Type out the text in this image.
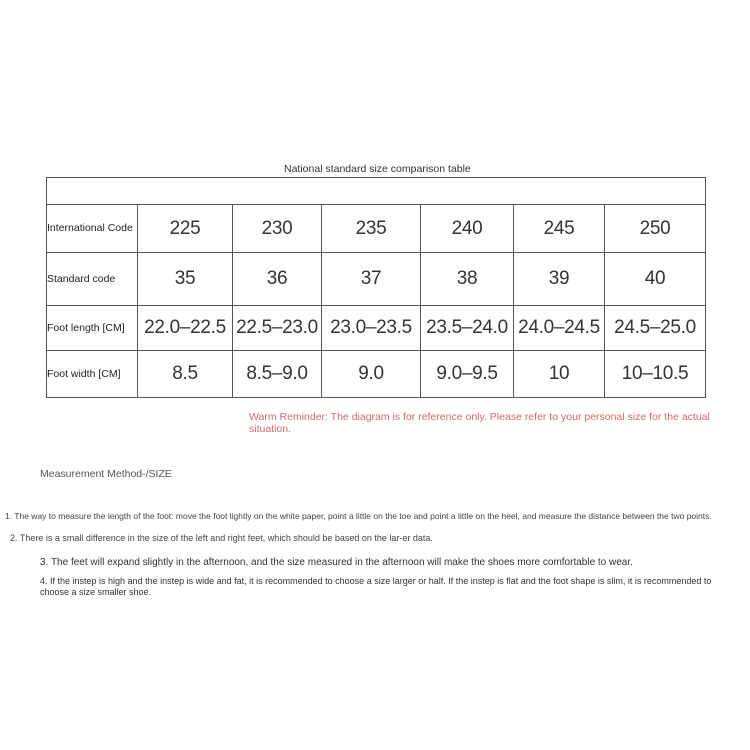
International Code	225	230	235	240	245	250
Standard code	35	36	37	38	39	40
Foot length [CM]	22.0–22.5	22.5–23.0	23.0–23.5	23.5–24.0	24.0–24.5	24.5–25.0
Foot width [CM]	8.5	8.5–9.0	9.0	9.0–9.5	10	10–10.5
National standard size comparison table
Warm Reminder: The diagram is for reference only. Please refer to your personal size for the actual situation.
Measurement Method-/SIZE
1. The way to measure the length of the foot: move the foot lightly on the white paper, point a little on the toe and point a little on the heel, and measure the distance between the two points.
2. There is a small difference in the size of the left and right feet, which should be based on the lar-er data.
3. The feet will expand slightly in the afternoon, and the size measured in the afternoon will make the shoes more comfortable to wear.
4. If the instep is high and the instep is wide and fat, it is recommended to choose a size larger or half. If the instep is flat and the foot shape is slim, it is recommended to choose a size smaller shoe.
